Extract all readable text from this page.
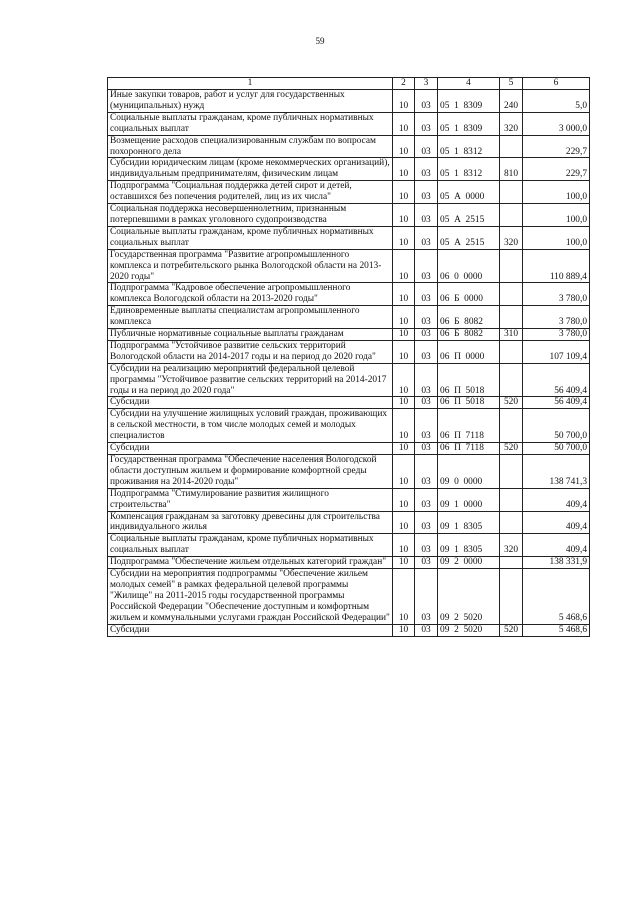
59
1	2	3	4	5	6
Иные закупки товаров, работ и услуг для государственных (муниципальных) нужд	10	03	05  1  8309	240	5,0
Социальные выплаты гражданам, кроме публичных нормативных социальных выплат	10	03	05  1  8309	320	3 000,0
Возмещение расходов специализированным службам по вопросам похоронного дела	10	03	05  1  8312		229,7
Субсидии юридическим лицам (кроме некоммерческих организаций), индивидуальным предпринимателям, физическим лицам	10	03	05  1  8312	810	229,7
Подпрограмма "Социальная поддержка детей сирот и детей, оставшихся без попечения родителей, лиц из их числа"	10	03	05  А  0000		100,0
Социальная поддержка несовершеннолетним, признанным потерпевшими в рамках уголовного судопроизводства	10	03	05  А  2515		100,0
Социальные выплаты гражданам, кроме публичных нормативных социальных выплат	10	03	05  А  2515	320	100,0
Государственная программа "Развитие агропромышленного комплекса и потребительского рынка Вологодской области на 2013-2020 годы"	10	03	06  0  0000		110 889,4
Подпрограмма "Кадровое обеспечение агропромышленного комплекса Вологодской области на 2013-2020 годы"	10	03	06  Б  0000		3 780,0
Единовременные выплаты специалистам агропромышленного комплекса	10	03	06  Б  8082		3 780,0
Публичные нормативные социальные выплаты гражданам	10	03	06  Б  8082	310	3 780,0
Подпрограмма "Устойчивое развитие сельских территорий Вологодской области на 2014-2017 годы и на период до 2020 года"	10	03	06  П  0000		107 109,4
Субсидии на реализацию мероприятий федеральной целевой программы "Устойчивое развитие сельских территорий на 2014-2017 годы и на период до 2020 года"	10	03	06  П  5018		56 409,4
Субсидии	10	03	06  П  5018	520	56 409,4
Субсидии на улучшение жилищных условий граждан, проживающих в сельской местности, в том числе молодых семей и молодых специалистов	10	03	06  П  7118		50 700,0
Субсидии	10	03	06  П  7118	520	50 700,0
Государственная программа "Обеспечение населения Вологодской области доступным жильем и формирование комфортной среды проживания на 2014-2020 годы"	10	03	09  0  0000		138 741,3
Подпрограмма "Стимулирование развития жилищного строительства"	10	03	09  1  0000		409,4
Компенсация гражданам за заготовку древесины для строительства индивидуального жилья	10	03	09  1  8305		409,4
Социальные выплаты гражданам, кроме публичных нормативных социальных выплат	10	03	09  1  8305	320	409,4
Подпрограмма "Обеспечение жильем отдельных категорий граждан"	10	03	09  2  0000		138 331,9
Субсидии на мероприятия подпрограммы "Обеспечение жильем молодых семей" в рамках федеральной целевой программы "Жилище" на 2011-2015 годы государственной программы Российской Федерации "Обеспечение доступным и комфортным жильем и коммунальными услугами граждан Российской Федерации"	10	03	09  2  5020		5 468,6
Субсидии	10	03	09  2  5020	520	5 468,6
